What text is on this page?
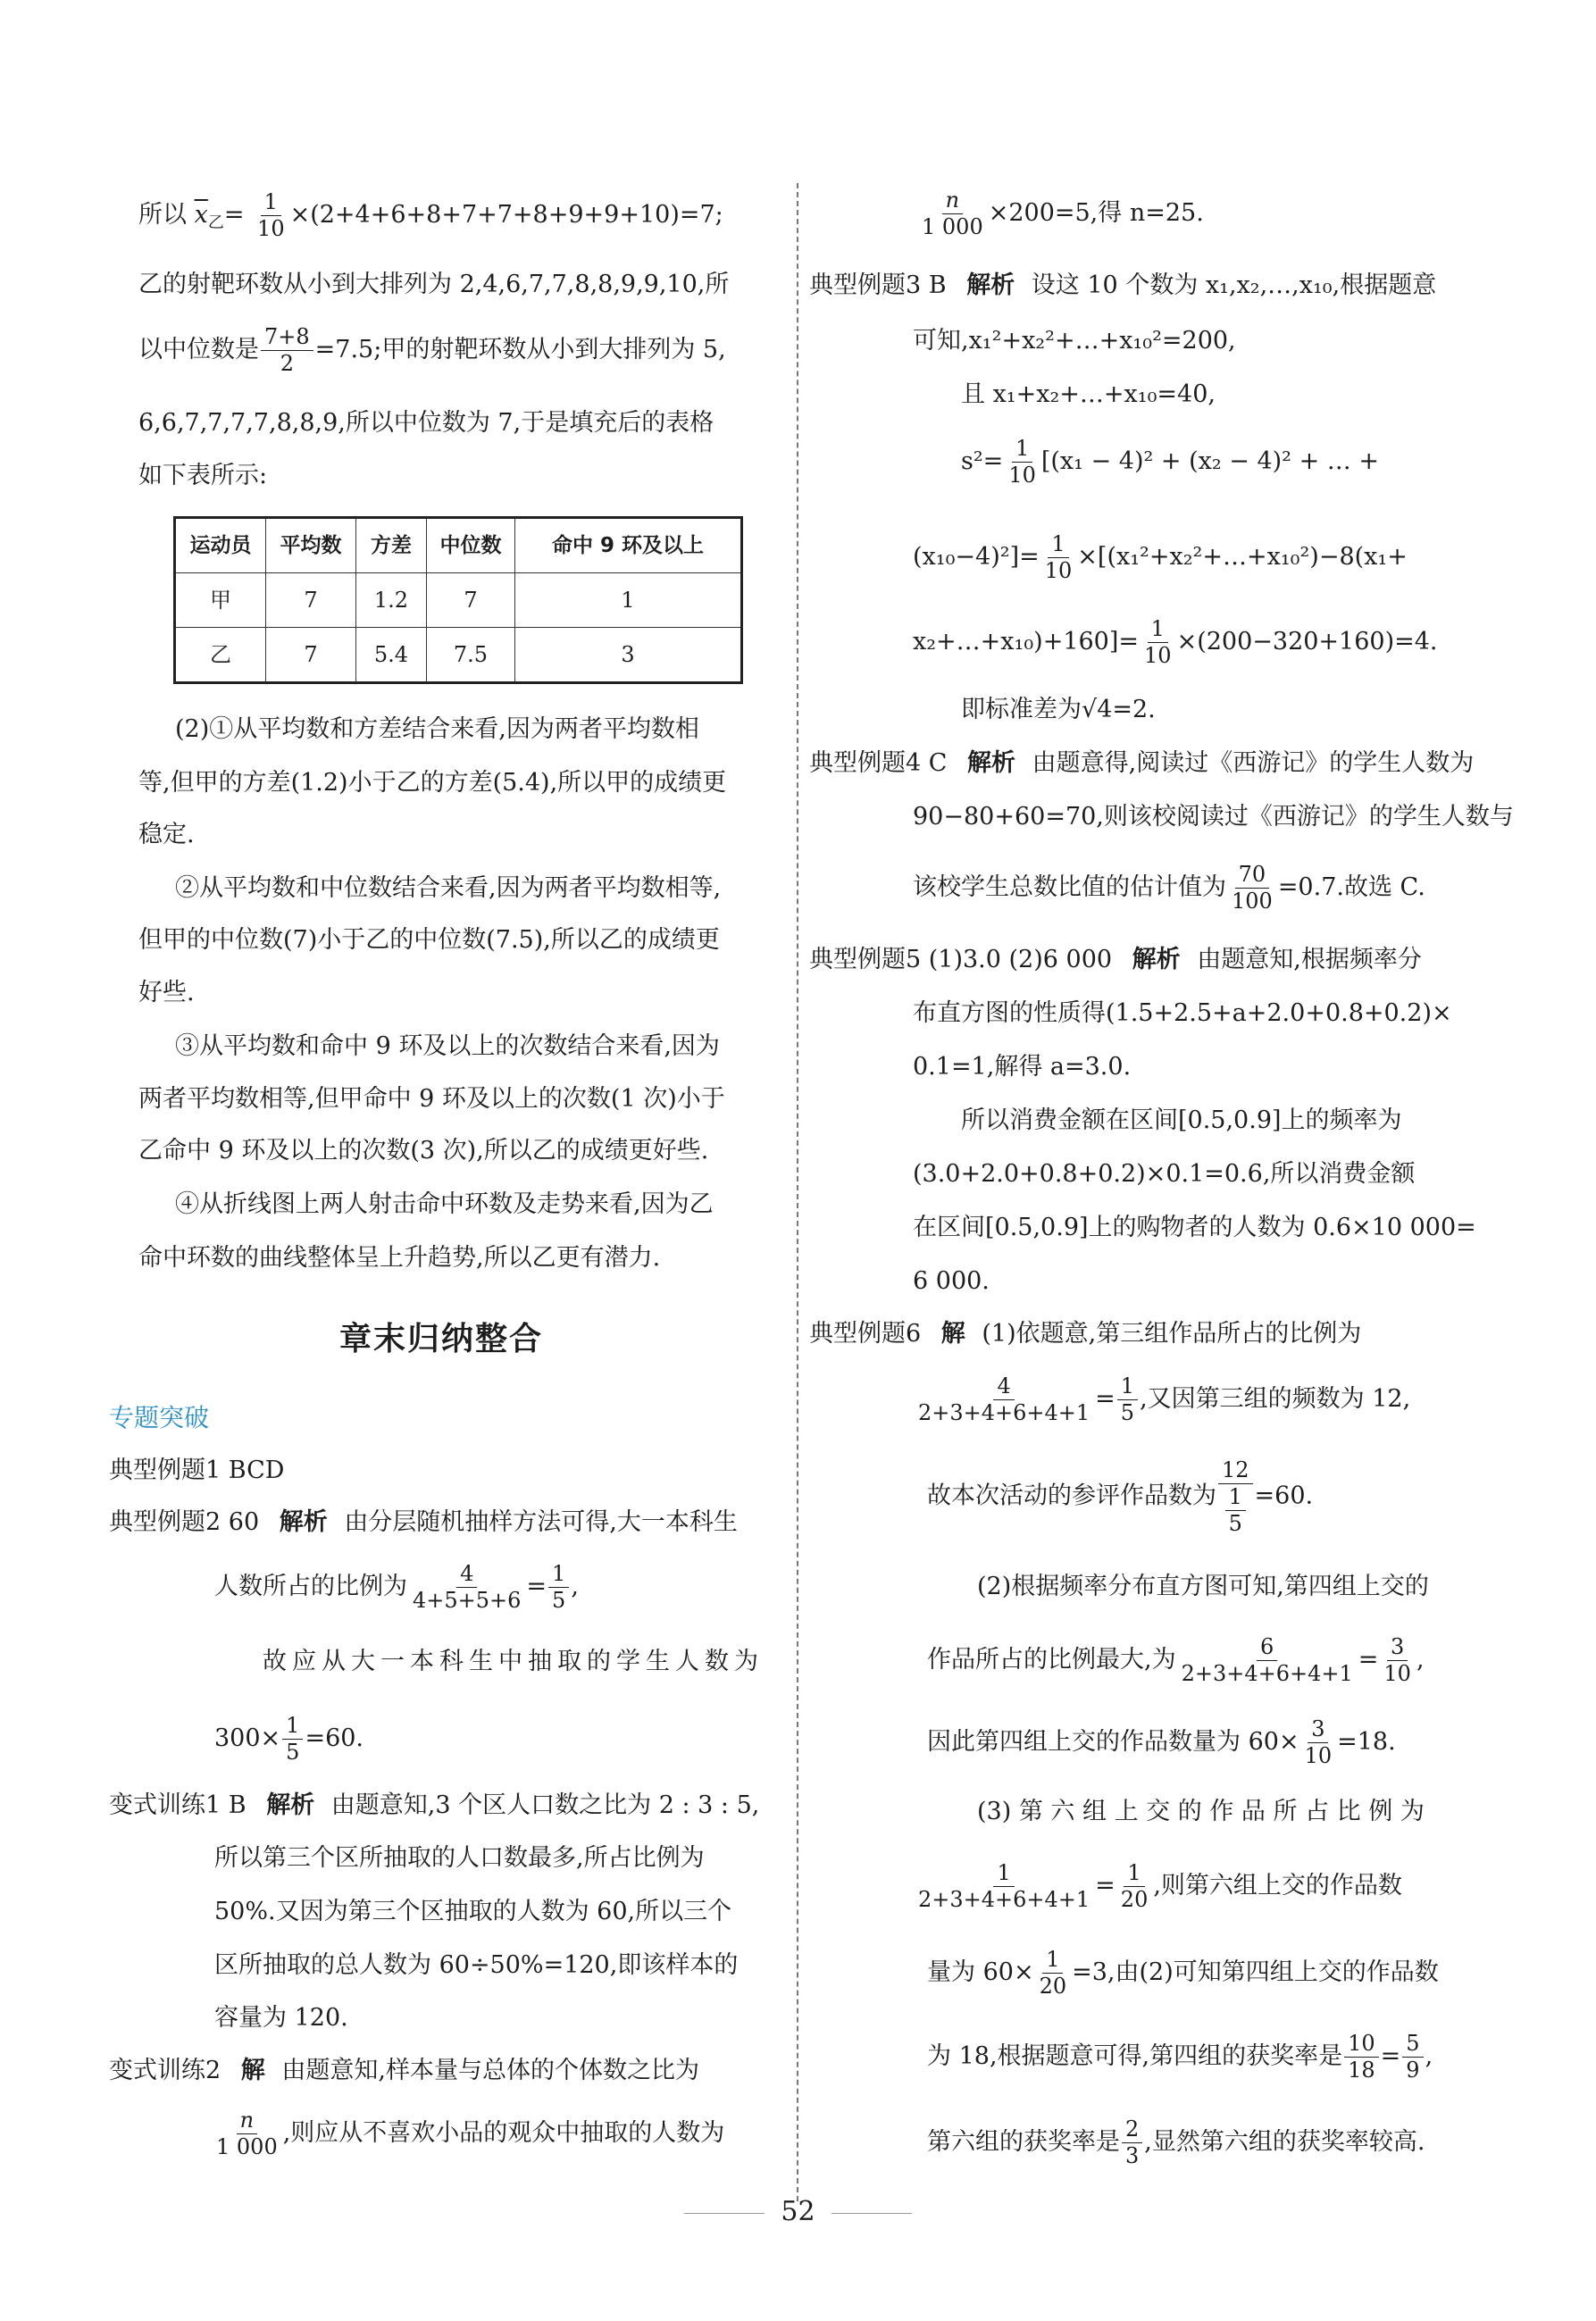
所以 $\overline{x}_乙= \frac{1}{10} \times(2+4+6+8+7+7+8+9+9+10)=7$;
乙的射靶环数从小到大排列为 2,4,6,7,7,8,8,9,9,10,所
以中位数是 $\frac{7+8}{2} =7.5$;甲的射靶环数从小到大排列为 5,
6,6,7,7,7,7,8,8,9,所以中位数为 7,于是填充后的表格
如下表所示:
运动员	平均数	方差	中位数	命中 9 环及以上
甲	7	1.2	7	1
乙	7	5.4	7.5	3
(2)①从平均数和方差结合来看,因为两者平均数相
等,但甲的方差(1.2)小于乙的方差(5.4),所以甲的成绩更
稳定.
②从平均数和中位数结合来看,因为两者平均数相等,
但甲的中位数(7)小于乙的中位数(7.5),所以乙的成绩更
好些.
③从平均数和命中 9 环及以上的次数结合来看,因为
两者平均数相等,但甲命中 9 环及以上的次数(1 次)小于
乙命中 9 环及以上的次数(3 次),所以乙的成绩更好些.
④从折线图上两人射击命中环数及走势来看,因为乙
命中环数的曲线整体呈上升趋势,所以乙更有潜力.
章末归纳整合
专题突破
典型例题1 BCD
典型例题2 60 解析 由分层随机抽样方法可得,大一本科生
人数所占的比例为 $\frac{4}{4+5+5+6} = \frac{1}{5}$ ,
故应从大一本科生中抽取的学生人数为
$300\times \frac{1}{5} =60$.
变式训练1 B 解析 由题意知,3 个区人口数之比为 2 : 3 : 5,
所以第三个区所抽取的人口数最多,所占比例为
50%.又因为第三个区抽取的人数为 60,所以三个
区所抽取的总人数为 60÷50%=120,即该样本的
容量为 120.
变式训练2 解 由题意知,样本量与总体的个体数之比为
$\frac{n}{1 000}$ ,则应从不喜欢小品的观众中抽取的人数为
$\frac{n}{1 000} \times 200=5$,得 n=25.
典型例题3 B 解析 设这 10 个数为 x₁,x₂,…,x₁₀,根据题意
可知,x₁²+x₂²+…+x₁₀²=200,
且 x₁+x₂+…+x₁₀=40,
$s^2= \frac{1}{10} [(x_1 - 4)^2 + (x_2 - 4)^2$ + … +
$(x_{10}-4)^2]= \frac{1}{10}$ ×[(x₁²+x₂²+…+x₁₀²)−8(x₁+
x₂+…+x₁₀)+160]= $\frac{1}{10} \times(200-320+160)=4$.
即标准差为√4=2.
典型例题4 C 解析 由题意得,阅读过《西游记》的学生人数为
90−80+60=70,则该校阅读过《西游记》的学生人数与
该校学生总数比值的估计值为 $\frac{70}{100} =0.7$.故选 C.
典型例题5 (1)3.0 (2)6 000 解析 由题意知,根据频率分
布直方图的性质得(1.5+2.5+a+2.0+0.8+0.2)×
0.1=1,解得 a=3.0.
所以消费金额在区间[0.5,0.9]上的频率为
(3.0+2.0+0.8+0.2)×0.1=0.6,所以消费金额
在区间[0.5,0.9]上的购物者的人数为 0.6×10 000=
6 000.
典型例题6 解 (1)依题意,第三组作品所占的比例为
$\frac{4}{2+3+4+6+4+1} = \frac{1}{5}$ ,又因第三组的频数为 12,
故本次活动的参评作品数为 $\frac{12}{\frac{1}{5}} =60$.
(2)根据频率分布直方图可知,第四组上交的
作品所占的比例最大,为 $\frac{6}{2+3+4+6+4+1} = \frac{3}{10}$ ,
因此第四组上交的作品数量为 $60\times \frac{3}{10} =18$.
(3) 第 六 组 上 交 的 作 品 所 占 比 例 为
$\frac{1}{2+3+4+6+4+1} = \frac{1}{20}$ ,则第六组上交的作品数
量为 $60\times \frac{1}{20} =3$,由(2)可知第四组上交的作品数
为 18,根据题意可得,第四组的获奖率是 $\frac{10}{18} = \frac{5}{9}$ ,
第六组的获奖率是 $\frac{2}{3}$ ,显然第六组的获奖率较高.
52
